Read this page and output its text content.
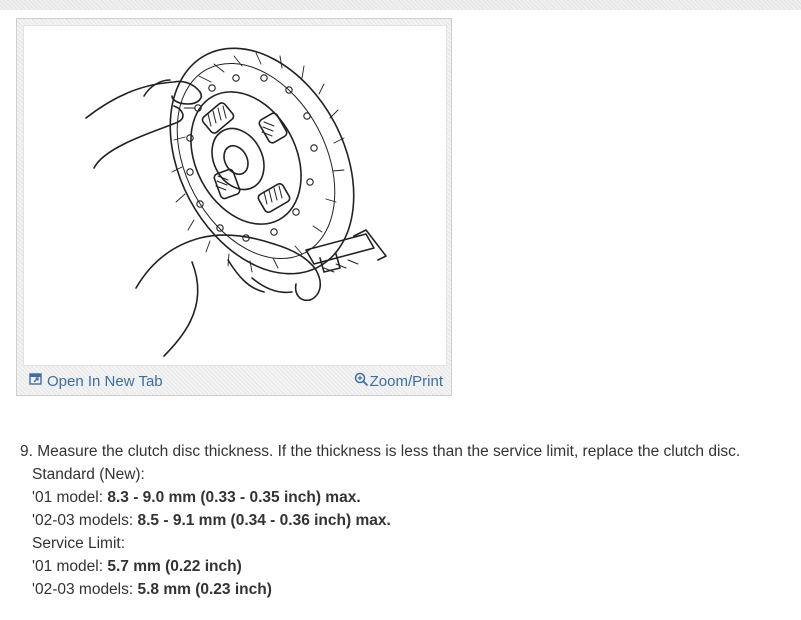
Open In New Tab	Zoom/Print
9. Measure the clutch disc thickness. If the thickness is less than the service limit, replace the clutch disc.
Standard (New):
'01 model: 8.3 - 9.0 mm (0.33 - 0.35 inch) max.
'02-03 models: 8.5 - 9.1 mm (0.34 - 0.36 inch) max.
Service Limit:
'01 model: 5.7 mm (0.22 inch)
'02-03 models: 5.8 mm (0.23 inch)
